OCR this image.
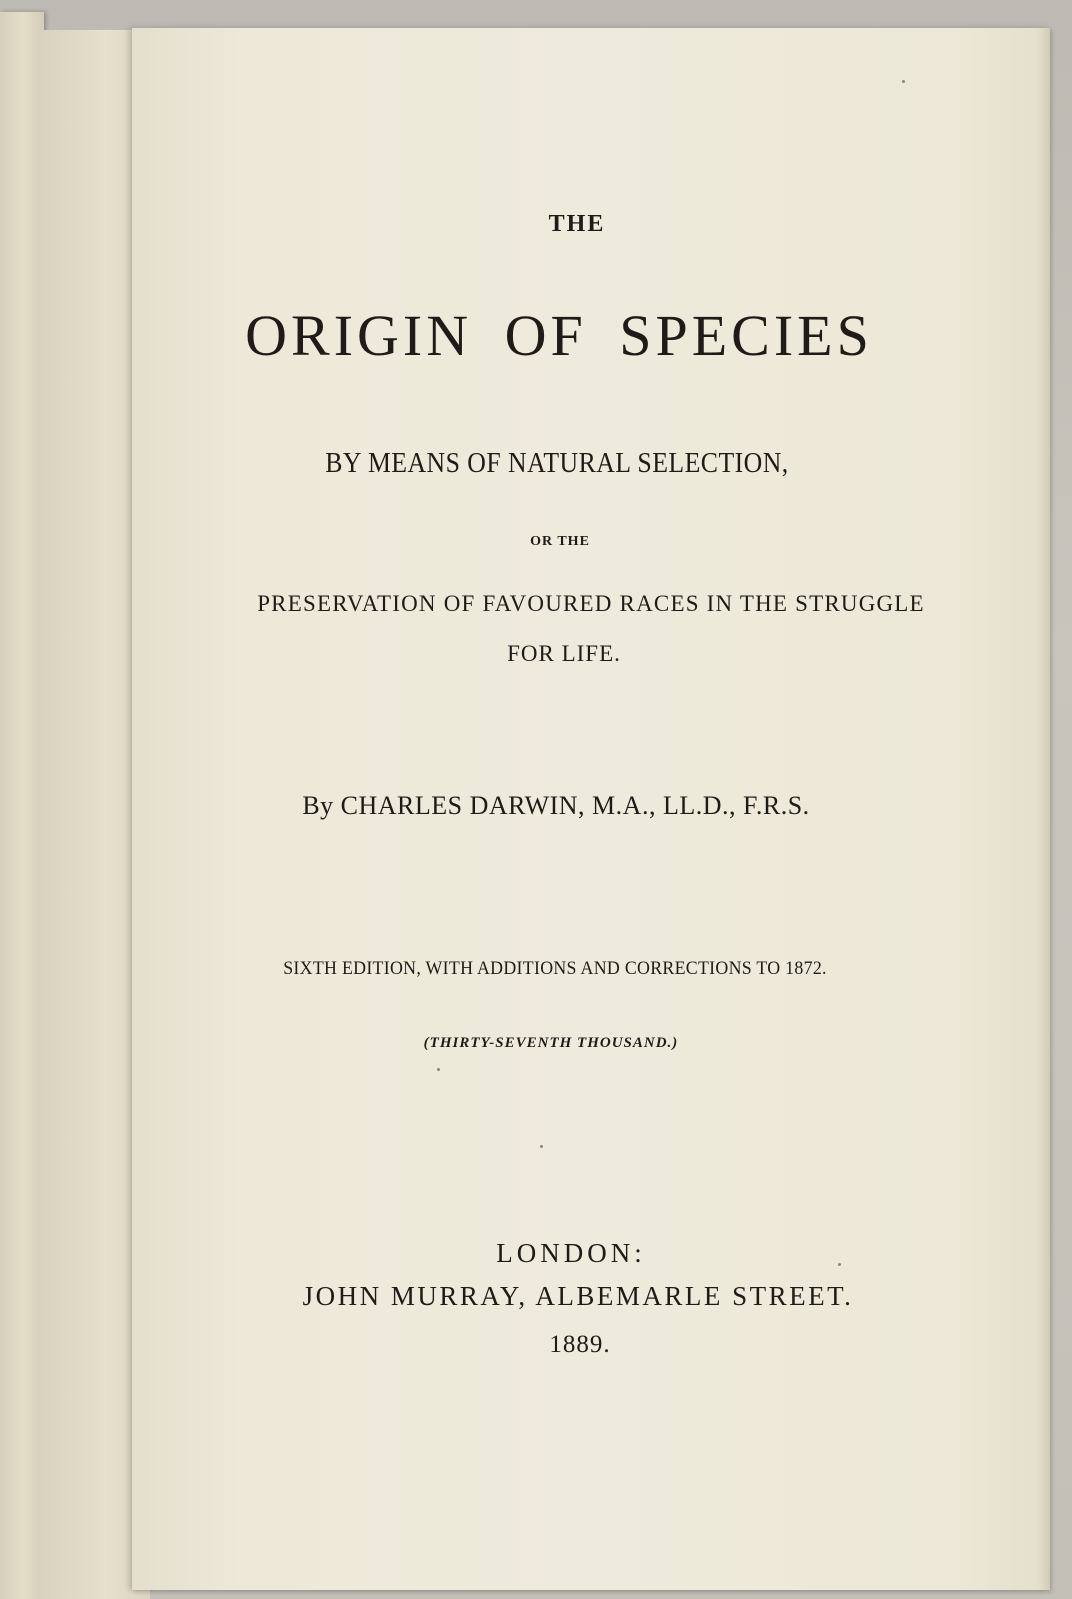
THE
ORIGIN OF SPECIES
BY MEANS OF NATURAL SELECTION,
OR THE
PRESERVATION OF FAVOURED RACES IN THE STRUGGLE
FOR LIFE.
By CHARLES DARWIN, M.A., LL.D., F.R.S.
SIXTH EDITION, WITH ADDITIONS AND CORRECTIONS TO 1872.
(THIRTY-SEVENTH THOUSAND.)
LONDON:
JOHN MURRAY, ALBEMARLE STREET.
1889.
